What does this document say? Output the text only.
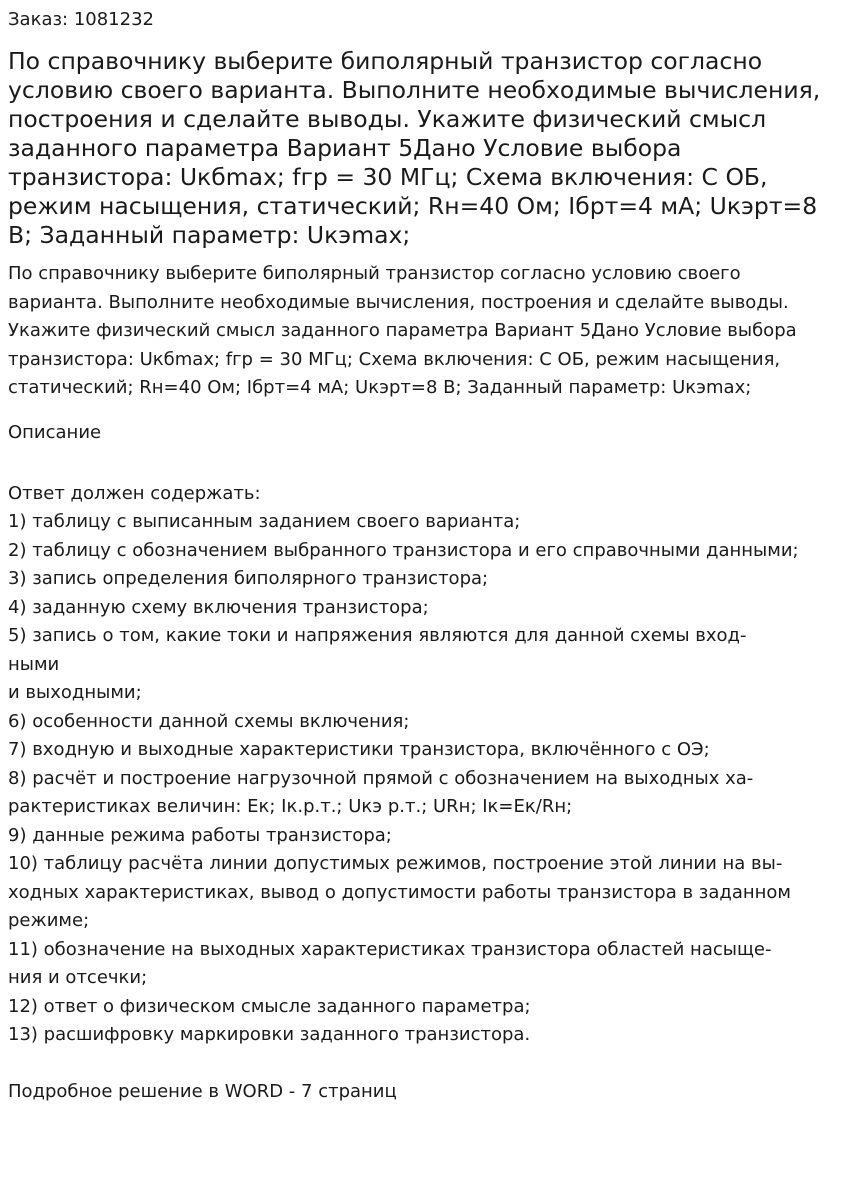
Заказ: 1081232
По справочнику выберите биполярный транзистор согласно условию своего варианта. Выполните необходимые вычисления, построения и сделайте выводы. Укажите физический смысл заданного параметра Вариант 5Дано Условие выбора транзистора: Uкбmax; fгр = 30 МГц; Схема включения: С ОБ, режим насыщения, статический; Rн=40 Ом; Iбрт=4 мА; Uкэрт=8 В; Заданный параметр: Uкэmax;

По справочнику выберите биполярный транзистор согласно условию своего варианта. Выполните необходимые вычисления, построения и сделайте выводы. Укажите физический смысл заданного параметра Вариант 5Дано Условие выбора транзистора: Uкбmax; fгр = 30 МГц; Схема включения: С ОБ, режим насыщения, статический; Rн=40 Ом; Iбрт=4 мА; Uкэрт=8 В; Заданный параметр: Uкэmax;

Описание
Ответ должен содержать:
1) таблицу с выписанным заданием своего варианта;
2) таблицу с обозначением выбранного транзистора и его справочными данными;
3) запись определения биполярного транзистора;
4) заданную схему включения транзистора;
5) запись о том, какие токи и напряжения являются для данной схемы вход-
ными
и выходными;
6) особенности данной схемы включения;
7) входную и выходные характеристики транзистора, включённого с ОЭ;
8) расчёт и построение нагрузочной прямой с обозначением на выходных ха-
рактеристиках величин: Ек; Iк.р.т.; Uкэ р.т.; URн; Iк=Ек/Rн;
9) данные режима работы транзистора;
10) таблицу расчёта линии допустимых режимов, построение этой линии на вы-
ходных характеристиках, вывод о допустимости работы транзистора в заданном
режиме;
11) обозначение на выходных характеристиках транзистора областей насыще-
ния и отсечки;
12) ответ о физическом смысле заданного параметра;
13) расшифровку маркировки заданного транзистора.
Подробное решение в WORD - 7 страниц
